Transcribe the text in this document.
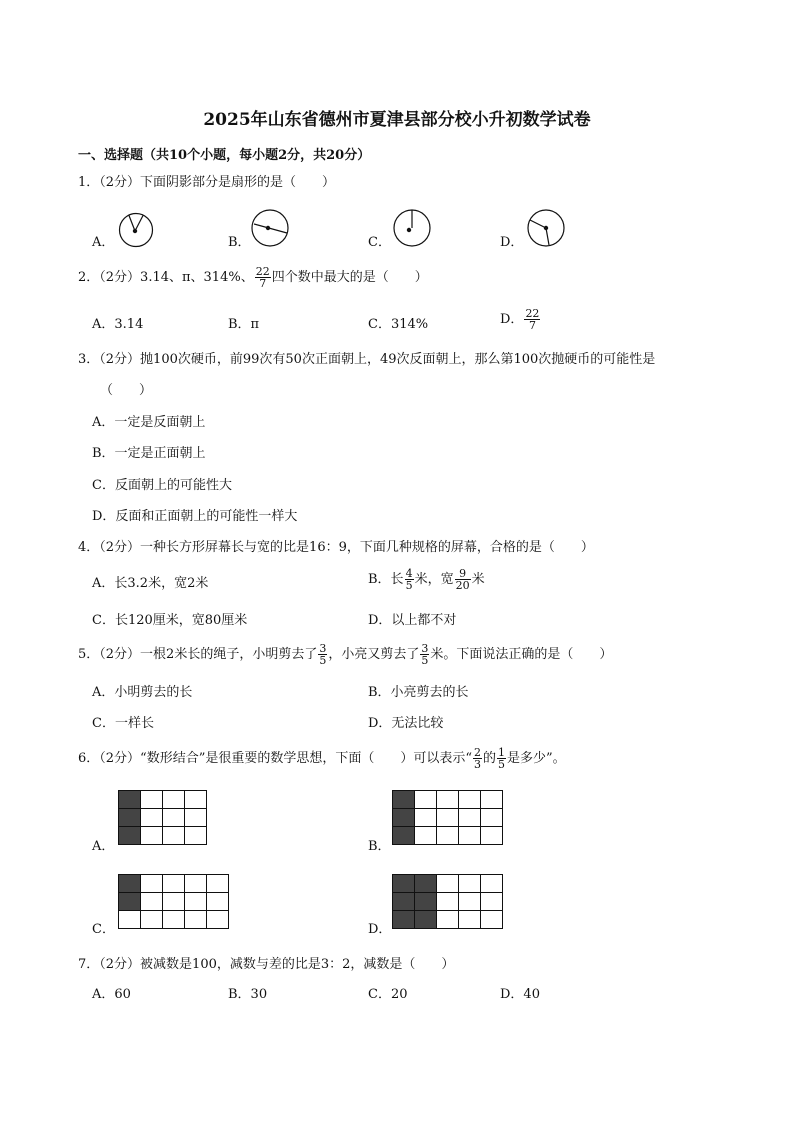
2025年山东省德州市夏津县部分校小升初数学试卷
一、选择题（共10个小题，每小题2分，共20分）
1．（2分）下面阴影部分是扇形的是（　　）
A．	B．	C．	D．
2．（2分）3.14、π、314%、 $\frac{22}{7}$ 四个数中最大的是（　　）
A．3.14	B．π	C．314%	D． $\frac{22}{7}$
3．（2分）抛100次硬币，前99次有50次正面朝上，49次反面朝上，那么第100次抛硬币的可能性是
（　　）
A．一定是反面朝上
B．一定是正面朝上
C．反面朝上的可能性大
D．反面和正面朝上的可能性一样大
4．（2分）一种长方形屏幕长与宽的比是16：9，下面几种规格的屏幕，合格的是（　　）
A．长3.2米，宽2米	B．长 $\frac{4}{5}$ 米，宽 $\frac{9}{20}$ 米
C．长120厘米，宽80厘米	D．以上都不对
5．（2分）一根2米长的绳子，小明剪去了 $\frac{3}{5}$ ，小亮又剪去了 $\frac{3}{5}$ 米。下面说法正确的是（　　）
A．小明剪去的长	B．小亮剪去的长
C．一样长	D．无法比较
6．（2分）“数形结合”是很重要的数学思想，下面（　　）可以表示“ $\frac{2}{3}$ 的 $\frac{1}{5}$ 是多少”。
A．

				B．

C．

					D．

7．（2分）被减数是100，减数与差的比是3：2，减数是（　　）
A．60	B．30	C．20	D．40
